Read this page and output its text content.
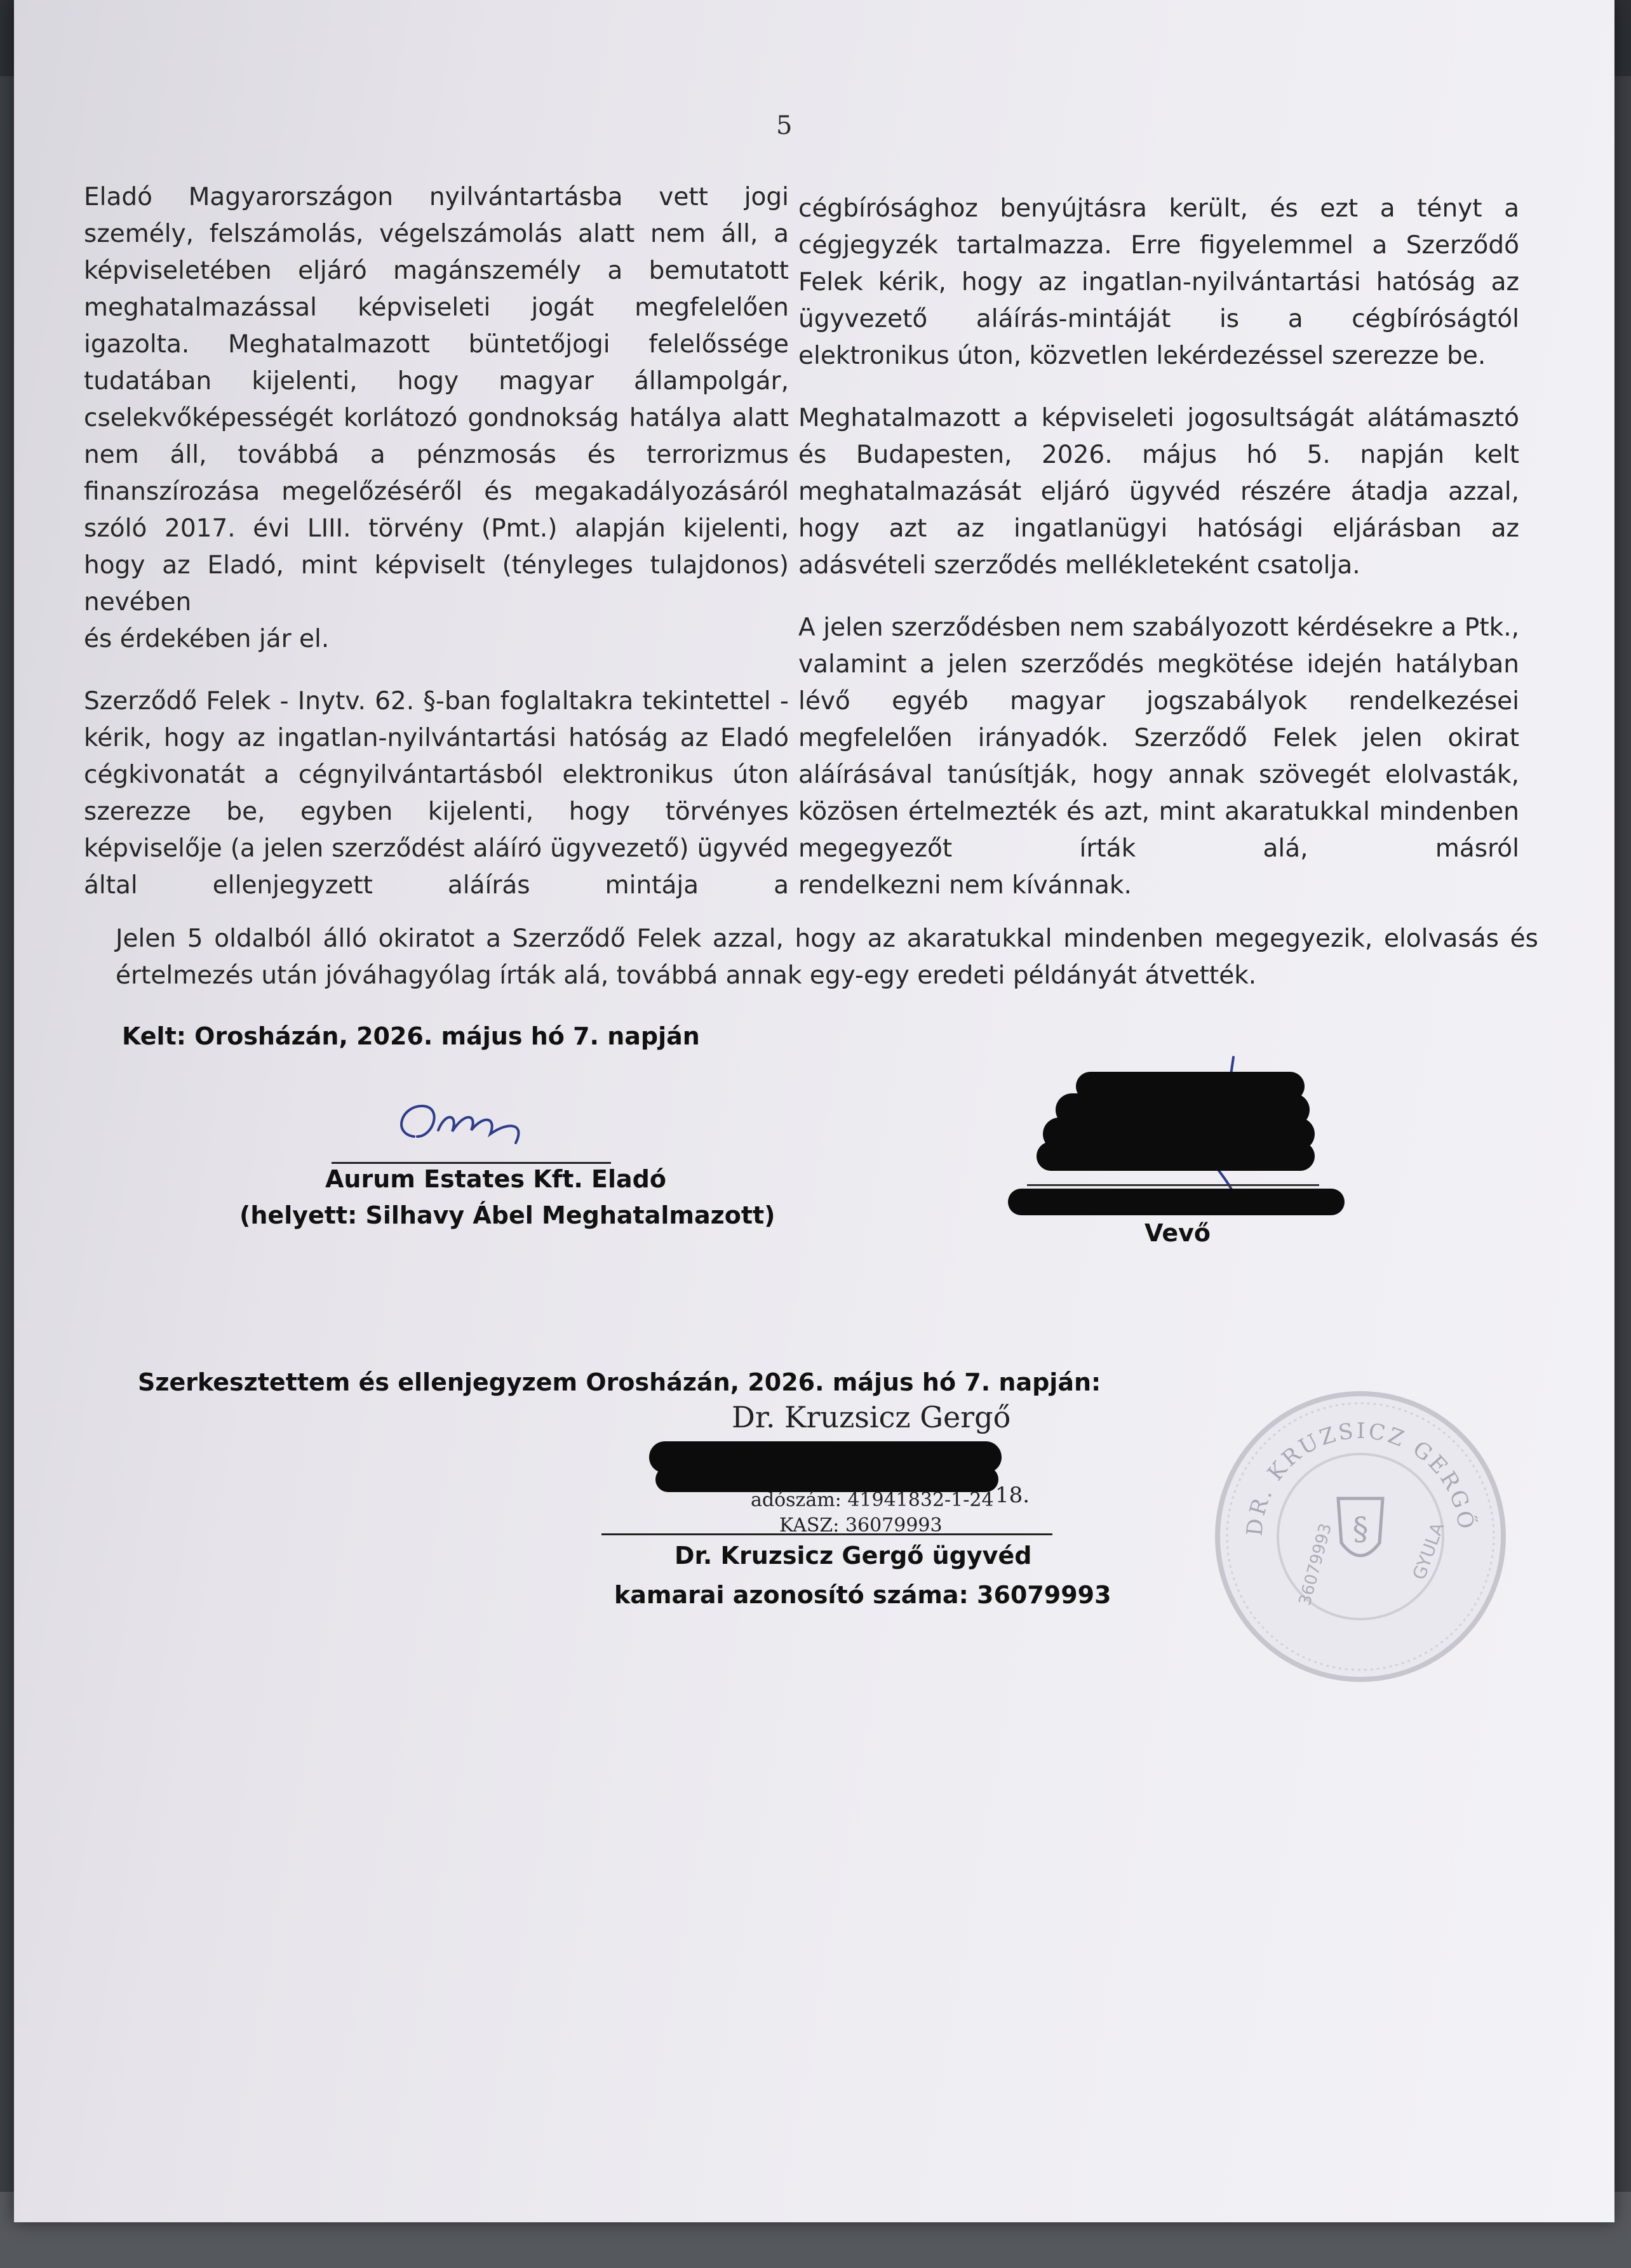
5

Eladó Magyarországon nyilvántartásba vett jogi személy, felszámolás, végelszámolás alatt nem áll, a képviseletében eljáró magánszemély a bemutatott meghatalmazással képviseleti jogát megfelelően igazolta. Meghatalmazott büntetőjogi felelőssége tudatában kijelenti, hogy magyar állampolgár, cselekvőképességét korlátozó gondnokság hatálya alatt nem áll, továbbá a pénzmosás és terrorizmus finanszírozása megelőzéséről és megakadályozásáról szóló 2017. évi LIII. törvény (Pmt.) alapján kijelenti, hogy az Eladó, mint képviselt (tényleges tulajdonos) nevében
és érdekében jár el.

Szerződő Felek - Inytv. 62. §-ban foglaltakra tekintettel - kérik, hogy az ingatlan-nyilvántartási hatóság az Eladó cégkivonatát a cégnyilvántartásból elektronikus úton szerezze be, egyben kijelenti, hogy törvényes képviselője (a jelen szerződést aláíró ügyvezető) ügyvéd által ellenjegyzett aláírás mintája a

cégbírósághoz benyújtásra került, és ezt a tényt a cégjegyzék tartalmazza. Erre figyelemmel a Szerződő Felek kérik, hogy az ingatlan-nyilvántartási hatóság az ügyvezető aláírás-mintáját is a cégbíróságtól
elektronikus úton, közvetlen lekérdezéssel szerezze be.

Meghatalmazott a képviseleti jogosultságát alátámasztó és Budapesten, 2026. május hó 5. napján kelt meghatalmazását eljáró ügyvéd részére átadja azzal, hogy azt az ingatlanügyi hatósági eljárásban az
adásvételi szerződés mellékleteként csatolja.

A jelen szerződésben nem szabályozott kérdésekre a Ptk., valamint a jelen szerződés megkötése idején hatályban lévő egyéb magyar jogszabályok rendelkezései megfelelően irányadók. Szerződő Felek jelen okirat aláírásával tanúsítják, hogy annak szövegét elolvasták, közösen értelmezték és azt, mint akaratukkal mindenben megegyezőt írták alá, másról
rendelkezni nem kívánnak.

Jelen 5 oldalból álló okiratot a Szerződő Felek azzal, hogy az akaratukkal mindenben megegyezik, elolvasás és értelmezés után jóváhagyólag írták alá, továbbá annak egy-egy eredeti példányát átvették.

Kelt: Orosházán, 2026. május hó 7. napján
Aurum Estates Kft. Eladó
(helyett: Silhavy Ábel Meghatalmazott)
Vevő
Szerkesztettem és ellenjegyzem Orosházán, 2026. május hó 7. napján:
Dr. Kruzsicz Gergő
18.
adószám: 41941832-1-24
KASZ: 36079993
Dr. Kruzsicz Gergő ügyvéd
kamarai azonosító száma: 36079993
DR. KRUZSICZ GERGŐ
§ GYULA
36079993
